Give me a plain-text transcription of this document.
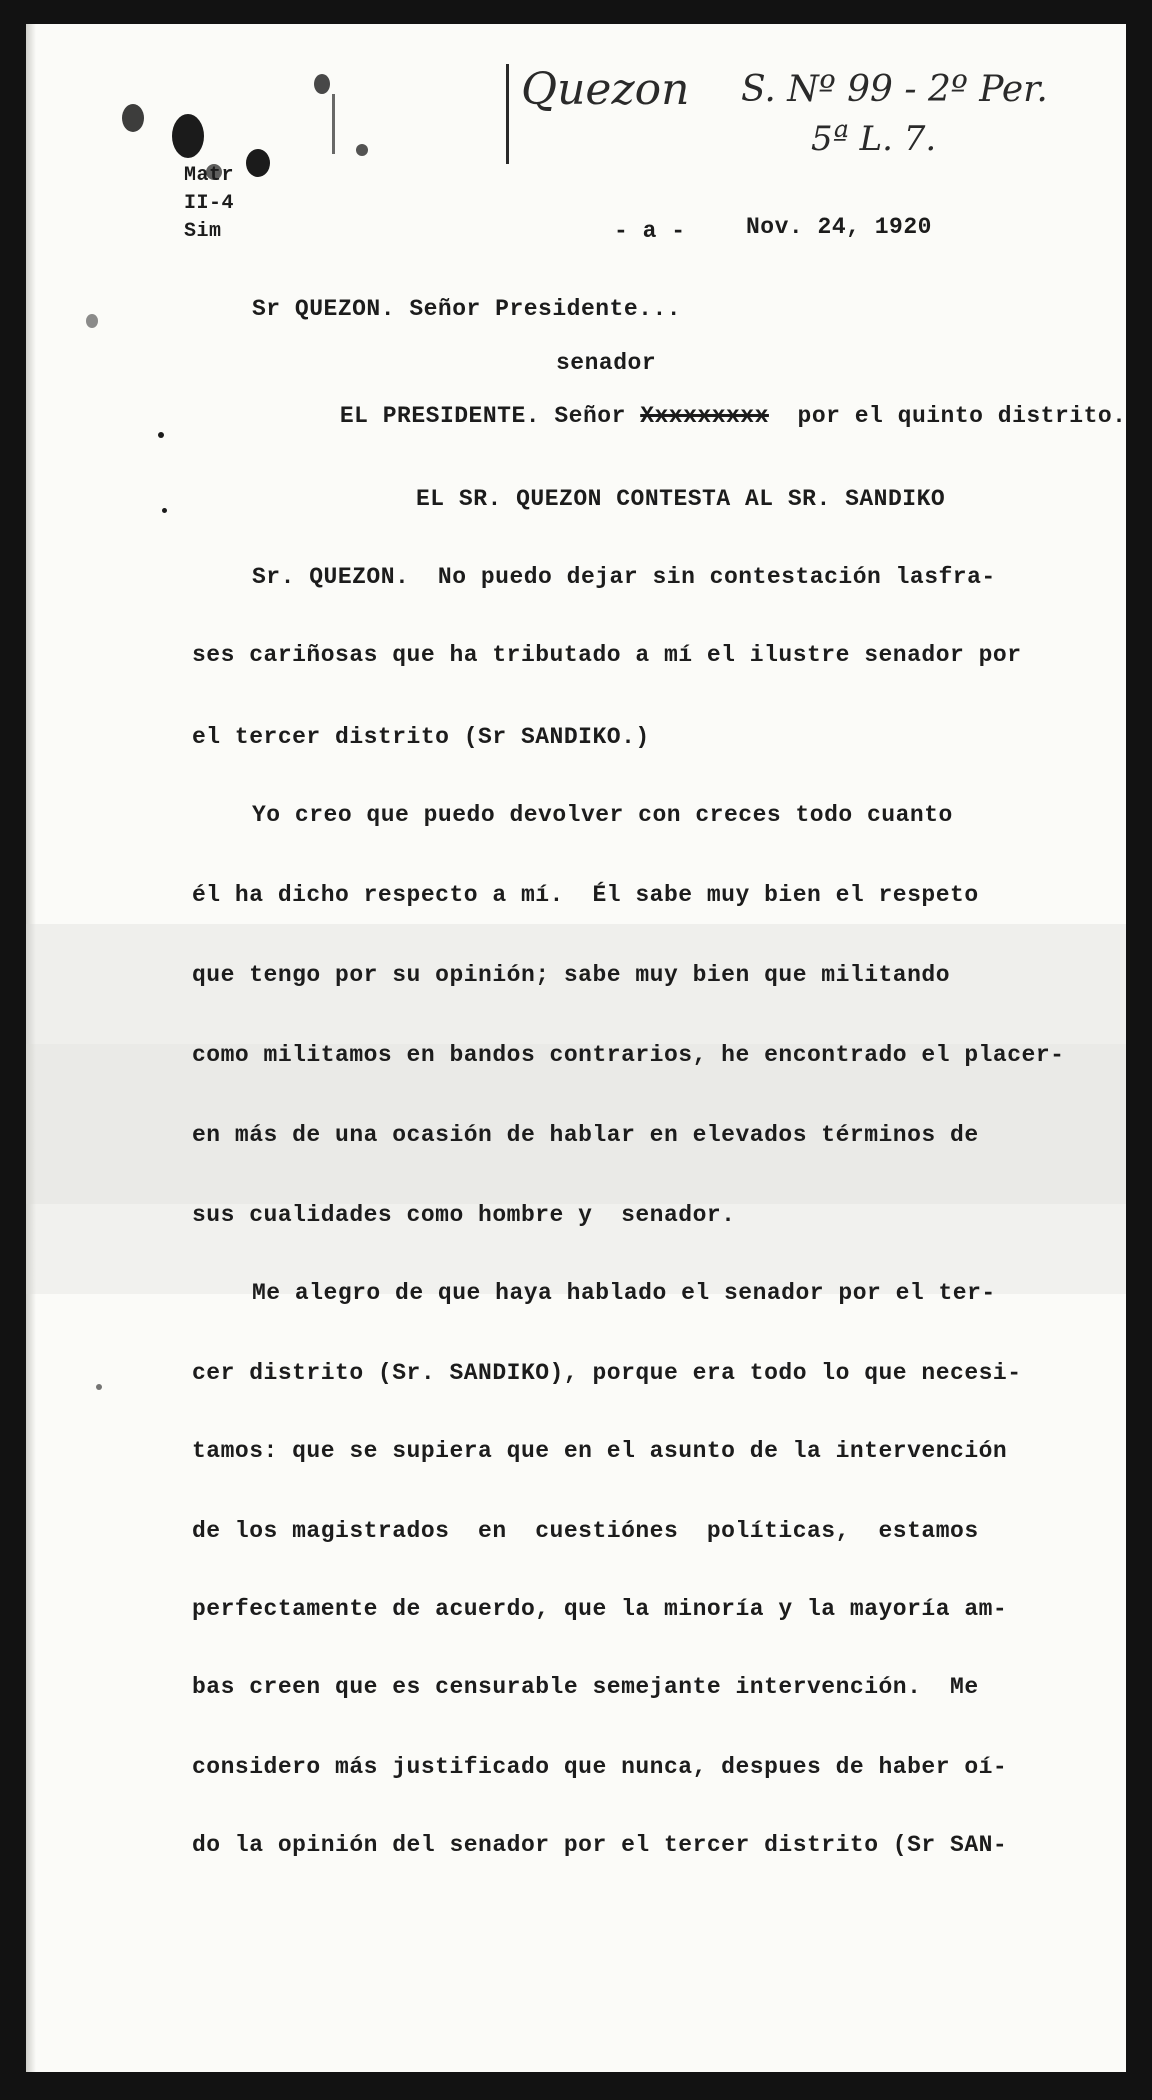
Quezon S. Nº 99 - 2º Per.
5ª L. 7.
Matr
II-4
Sim	- a -	Nov. 24, 1920
Sr QUEZON. Señor Presidente...
senador

EL PRESIDENTE. Señor Xxxxxxxxx por el quinto distrito.

EL SR. QUEZON CONTESTA AL SR. SANDIKO
Sr. QUEZON.  No puedo dejar sin contestación lasfra-
ses cariñosas que ha tributado a mí el ilustre senador por
el tercer distrito (Sr SANDIKO.)
Yo creo que puedo devolver con creces todo cuanto
él ha dicho respecto a mí.  Él sabe muy bien el respeto
que tengo por su opinión; sabe muy bien que militando
como militamos en bandos contrarios, he encontrado el placer-
en más de una ocasión de hablar en elevados términos de
sus cualidades como hombre y  senador.
Me alegro de que haya hablado el senador por el ter-
cer distrito (Sr. SANDIKO), porque era todo lo que necesi-
tamos: que se supiera que en el asunto de la intervención
de los magistrados  en  cuestiónes  políticas,  estamos
perfectamente de acuerdo, que la minoría y la mayoría am-
bas creen que es censurable semejante intervención.  Me
considero más justificado que nunca, despues de haber oí-
do la opinión del senador por el tercer distrito (Sr SAN-
